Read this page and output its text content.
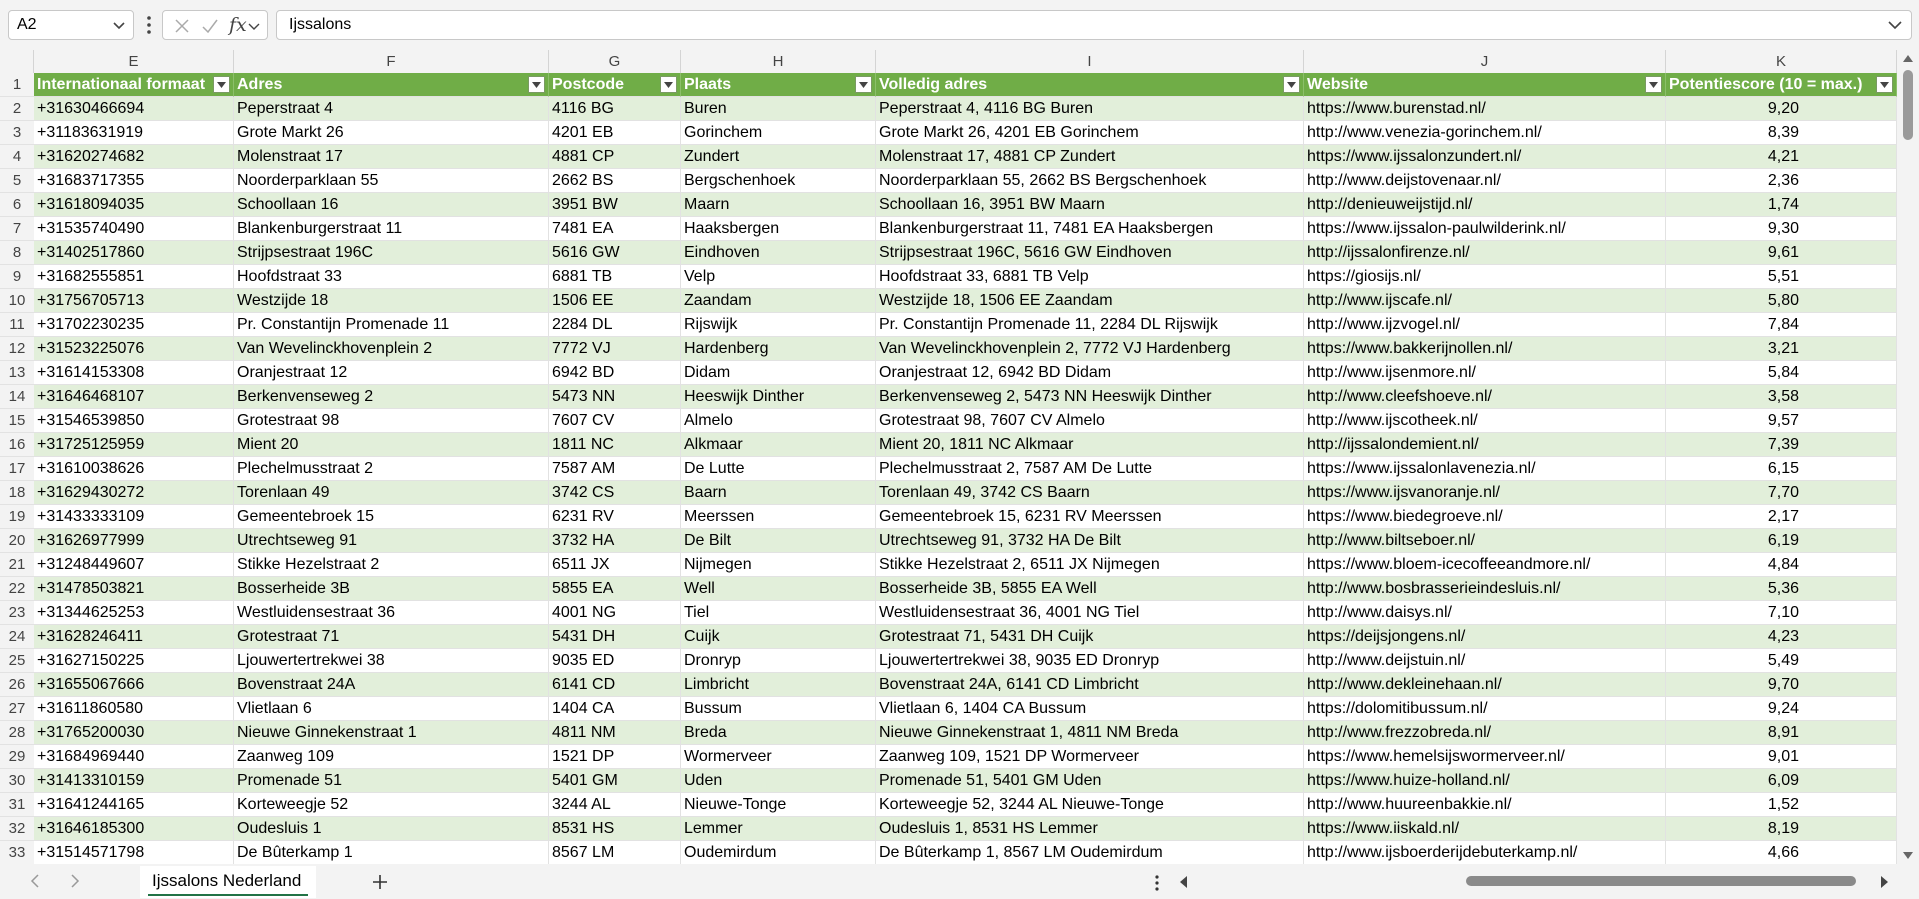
A2	fx	Ijssalons
E	F	G	H	I	J	K
1 Internationaal formaat	Adres	Postcode	Plaats	Volledig adres	Website	Potentiescore (10 = max.)
2 +31630466694	Peperstraat 4	4116 BG	Buren	Peperstraat 4, 4116 BG Buren	https://www.burenstad.nl/	9,20
3 +31183631919	Grote Markt 26	4201 EB	Gorinchem	Grote Markt 26, 4201 EB Gorinchem	http://www.venezia-gorinchem.nl/	8,39
4 +31620274682	Molenstraat 17	4881 CP	Zundert	Molenstraat 17, 4881 CP Zundert	https://www.ijssalonzundert.nl/	4,21
5 +31683717355	Noorderparklaan 55	2662 BS	Bergschenhoek	Noorderparklaan 55, 2662 BS Bergschenhoek	http://www.deijstovenaar.nl/	2,36
6 +31618094035	Schoollaan 16	3951 BW	Maarn	Schoollaan 16, 3951 BW Maarn	http://denieuweijstijd.nl/	1,74
7 +31535740490	Blankenburgerstraat 11	7481 EA	Haaksbergen	Blankenburgerstraat 11, 7481 EA Haaksbergen	https://www.ijssalon-paulwilderink.nl/	9,30
8 +31402517860	Strijpsestraat 196C	5616 GW	Eindhoven	Strijpsestraat 196C, 5616 GW Eindhoven	http://ijssalonfirenze.nl/	9,61
9 +31682555851	Hoofdstraat 33	6881 TB	Velp	Hoofdstraat 33, 6881 TB Velp	https://giosijs.nl/	5,51
10 +31756705713	Westzijde 18	1506 EE	Zaandam	Westzijde 18, 1506 EE Zaandam	http://www.ijscafe.nl/	5,80
11 +31702230235	Pr. Constantijn Promenade 11	2284 DL	Rijswijk	Pr. Constantijn Promenade 11, 2284 DL Rijswijk	http://www.ijzvogel.nl/	7,84
12 +31523225076	Van Wevelinckhovenplein 2	7772 VJ	Hardenberg	Van Wevelinckhovenplein 2, 7772 VJ Hardenberg	https://www.bakkerijnollen.nl/	3,21
13 +31614153308	Oranjestraat 12	6942 BD	Didam	Oranjestraat 12, 6942 BD Didam	http://www.ijsenmore.nl/	5,84
14 +31646468107	Berkenvenseweg 2	5473 NN	Heeswijk Dinther	Berkenvenseweg 2, 5473 NN Heeswijk Dinther	http://www.cleefshoeve.nl/	3,58
15 +31546539850	Grotestraat 98	7607 CV	Almelo	Grotestraat 98, 7607 CV Almelo	http://www.ijscotheek.nl/	9,57
16 +31725125959	Mient 20	1811 NC	Alkmaar	Mient 20, 1811 NC Alkmaar	http://ijssalondemient.nl/	7,39
17 +31610038626	Plechelmusstraat 2	7587 AM	De Lutte	Plechelmusstraat 2, 7587 AM De Lutte	https://www.ijssalonlavenezia.nl/	6,15
18 +31629430272	Torenlaan 49	3742 CS	Baarn	Torenlaan 49, 3742 CS Baarn	https://www.ijsvanoranje.nl/	7,70
19 +31433333109	Gemeentebroek 15	6231 RV	Meerssen	Gemeentebroek 15, 6231 RV Meerssen	https://www.biedegroeve.nl/	2,17
20 +31626977999	Utrechtseweg 91	3732 HA	De Bilt	Utrechtseweg 91, 3732 HA De Bilt	http://www.biltseboer.nl/	6,19
21 +31248449607	Stikke Hezelstraat 2	6511 JX	Nijmegen	Stikke Hezelstraat 2, 6511 JX Nijmegen	https://www.bloem-icecoffeeandmore.nl/	4,84
22 +31478503821	Bosserheide 3B	5855 EA	Well	Bosserheide 3B, 5855 EA Well	http://www.bosbrasserieindesluis.nl/	5,36
23 +31344625253	Westluidensestraat 36	4001 NG	Tiel	Westluidensestraat 36, 4001 NG Tiel	http://www.daisys.nl/	7,10
24 +31628246411	Grotestraat 71	5431 DH	Cuijk	Grotestraat 71, 5431 DH Cuijk	https://deijsjongens.nl/	4,23
25 +31627150225	Ljouwertertrekwei 38	9035 ED	Dronryp	Ljouwertertrekwei 38, 9035 ED Dronryp	http://www.deijstuin.nl/	5,49
26 +31655067666	Bovenstraat 24A	6141 CD	Limbricht	Bovenstraat 24A, 6141 CD Limbricht	http://www.dekleinehaan.nl/	9,70
27 +31611860580	Vlietlaan 6	1404 CA	Bussum	Vlietlaan 6, 1404 CA Bussum	https://dolomitibussum.nl/	9,24
28 +31765200030	Nieuwe Ginnekenstraat 1	4811 NM	Breda	Nieuwe Ginnekenstraat 1, 4811 NM Breda	http://www.frezzobreda.nl/	8,91
29 +31684969440	Zaanweg 109	1521 DP	Wormerveer	Zaanweg 109, 1521 DP Wormerveer	https://www.hemelsijswormerveer.nl/	9,01
30 +31413310159	Promenade 51	5401 GM	Uden	Promenade 51, 5401 GM Uden	https://www.huize-holland.nl/	6,09
31 +31641244165	Korteweegje 52	3244 AL	Nieuwe-Tonge	Korteweegje 52, 3244 AL Nieuwe-Tonge	http://www.huureenbakkie.nl/	1,52
32 +31646185300	Oudesluis 1	8531 HS	Lemmer	Oudesluis 1, 8531 HS Lemmer	https://www.iiskald.nl/	8,19
33 +31514571798	De Bûterkamp 1	8567 LM	Oudemirdum	De Bûterkamp 1, 8567 LM Oudemirdum	http://www.ijsboerderijdebuterkamp.nl/	4,66
Ijssalons Nederland
